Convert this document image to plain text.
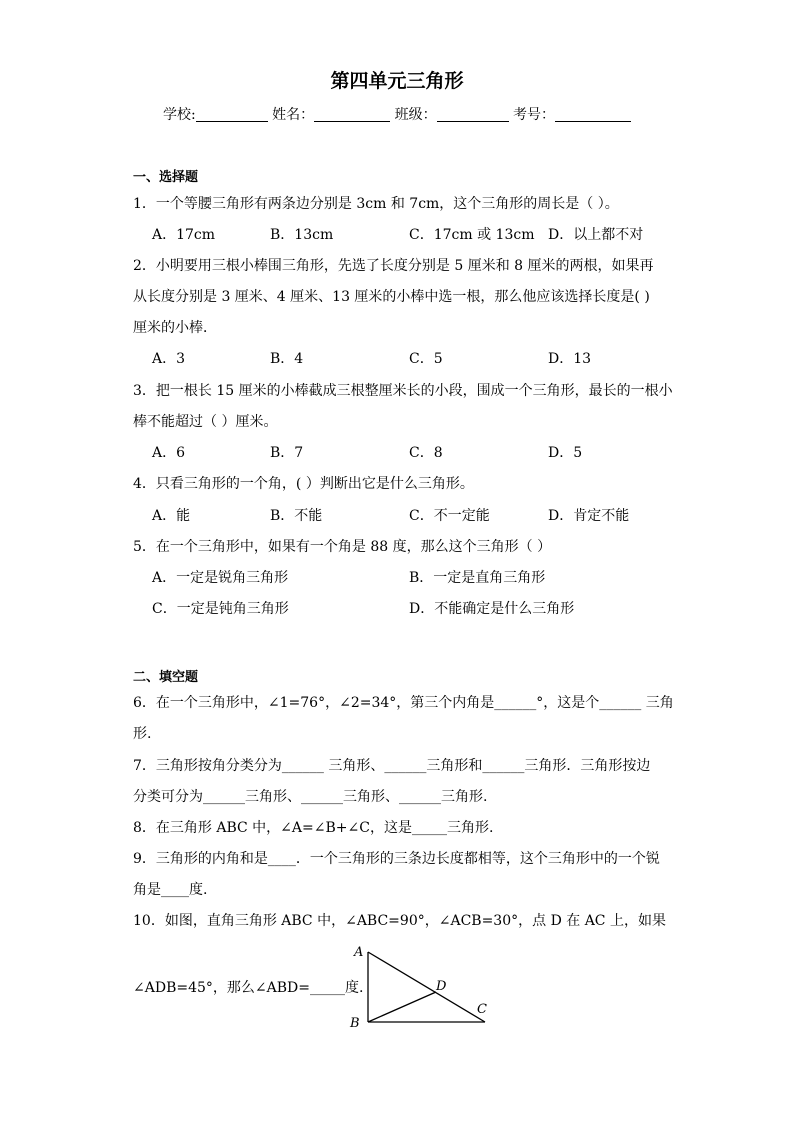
第四单元三角形
学校:	姓名：	班级：	考号：
一、选择题
1．一个等腰三角形有两条边分别是 3cm 和 7cm，这个三角形的周长是（ ）。
A．17cm	B．13cm	C．17cm 或 13cm D．以上都不对
2．小明要用三根小棒围三角形，先选了长度分别是 5 厘米和 8 厘米的两根，如果再
从长度分别是 3 厘米、4 厘米、13 厘米的小棒中选一根，那么他应该选择长度是( )
厘米的小棒．
A．3	B．4	C．5	D．13
3．把一根长 15 厘米的小棒截成三根整厘米长的小段，围成一个三角形，最长的一根小
棒不能超过（ ）厘米。
A．6	B．7	C．8	D．5
4．只看三角形的一个角，( ）判断出它是什么三角形。
A．能	B．不能	C．不一定能	D．肯定不能
5．在一个三角形中，如果有一个角是 88 度，那么这个三角形（ ）
A．一定是锐角三角形	B．一定是直角三角形
C．一定是钝角三角形	D．不能确定是什么三角形
二、填空题
6．在一个三角形中，∠1=76°，∠2=34°，第三个内角是______°，这是个______ 三角
形.
7．三角形按角分类分为______ 三角形、______三角形和______三角形．三角形按边
分类可分为______三角形、______三角形、______三角形.
8．在三角形 ABC 中，∠A=∠B+∠C，这是_____三角形.
9．三角形的内角和是____．一个三角形的三条边长度都相等，这个三角形中的一个锐
角是____度.
10．如图，直角三角形 ABC 中，∠ABC=90°，∠ACB=30°，点 D 在 AC 上，如果
∠ADB=45°，那么∠ABD=_____度.
A
B
C
D
